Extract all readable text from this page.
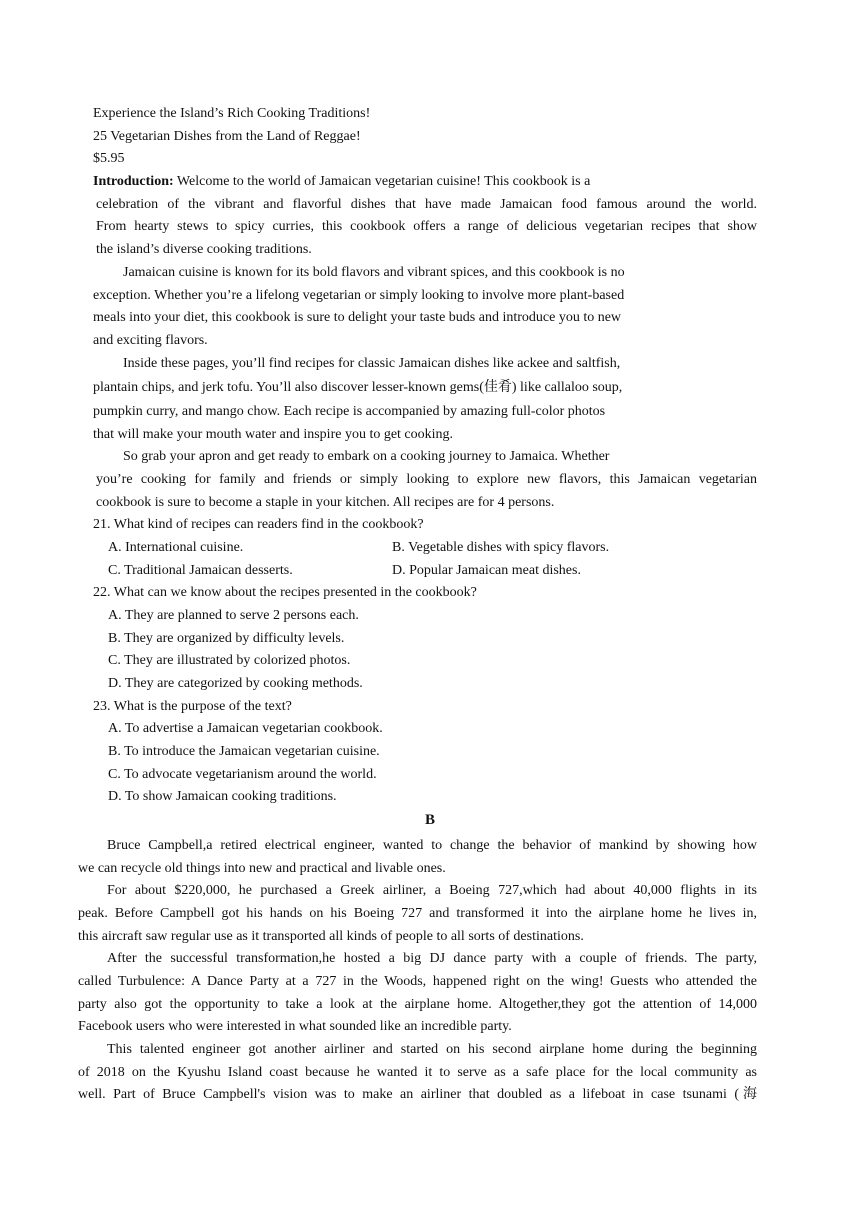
Experience the Island’s Rich Cooking Traditions!
25 Vegetarian Dishes from the Land of Reggae!
$5.95
Introduction: Welcome to the world of Jamaican vegetarian cuisine! This cookbook is a
celebration of the vibrant and flavorful dishes that have made Jamaican food famous around the world.
From hearty stews to spicy curries, this cookbook offers a range of delicious vegetarian recipes that show
the island’s diverse cooking traditions.
Jamaican cuisine is known for its bold flavors and vibrant spices, and this cookbook is no
exception. Whether you’re a lifelong vegetarian or simply looking to involve more plant-based
meals into your diet, this cookbook is sure to delight your taste buds and introduce you to new
and exciting flavors.
Inside these pages, you’ll find recipes for classic Jamaican dishes like ackee and saltfish,
plantain chips, and jerk tofu. You’ll also discover lesser-known gems(佳肴) like callaloo soup,
pumpkin curry, and mango chow. Each recipe is accompanied by amazing full-color photos
that will make your mouth water and inspire you to get cooking.
So grab your apron and get ready to embark on a cooking journey to Jamaica. Whether
you’re cooking for family and friends or simply looking to explore new flavors, this Jamaican vegetarian
cookbook is sure to become a staple in your kitchen. All recipes are for 4 persons.
21. What kind of recipes can readers find in the cookbook?
A. International cuisine.	B. Vegetable dishes with spicy flavors.
C. Traditional Jamaican desserts.	D. Popular Jamaican meat dishes.
22. What can we know about the recipes presented in the cookbook?
A. They are planned to serve 2 persons each.
B. They are organized by difficulty levels.
C. They are illustrated by colorized photos.
D. They are categorized by cooking methods.
23. What is the purpose of the text?
A. To advertise a Jamaican vegetarian cookbook.
B. To introduce the Jamaican vegetarian cuisine.
C. To advocate vegetarianism around the world.
D. To show Jamaican cooking traditions.
B
Bruce Campbell,a retired electrical engineer, wanted to change the behavior of mankind by showing how
we can recycle old things into new and practical and livable ones.
For about $220,000, he purchased a Greek airliner, a Boeing 727,which had about 40,000 flights in its
peak. Before Campbell got his hands on his Boeing 727 and transformed it into the airplane home he lives in,
this aircraft saw regular use as it transported all kinds of people to all sorts of destinations.
After the successful transformation,he hosted a big DJ dance party with a couple of friends. The party,
called Turbulence: A Dance Party at a 727 in the Woods, happened right on the wing! Guests who attended the
party also got the opportunity to take a look at the airplane home. Altogether,they got the attention of 14,000
Facebook users who were interested in what sounded like an incredible party.
This talented engineer got another airliner and started on his second airplane home during the beginning
of 2018 on the Kyushu Island coast because he wanted it to serve as a safe place for the local community as
well. Part of Bruce Campbell's vision was to make an airliner that doubled as a lifeboat in case tsunami (海
